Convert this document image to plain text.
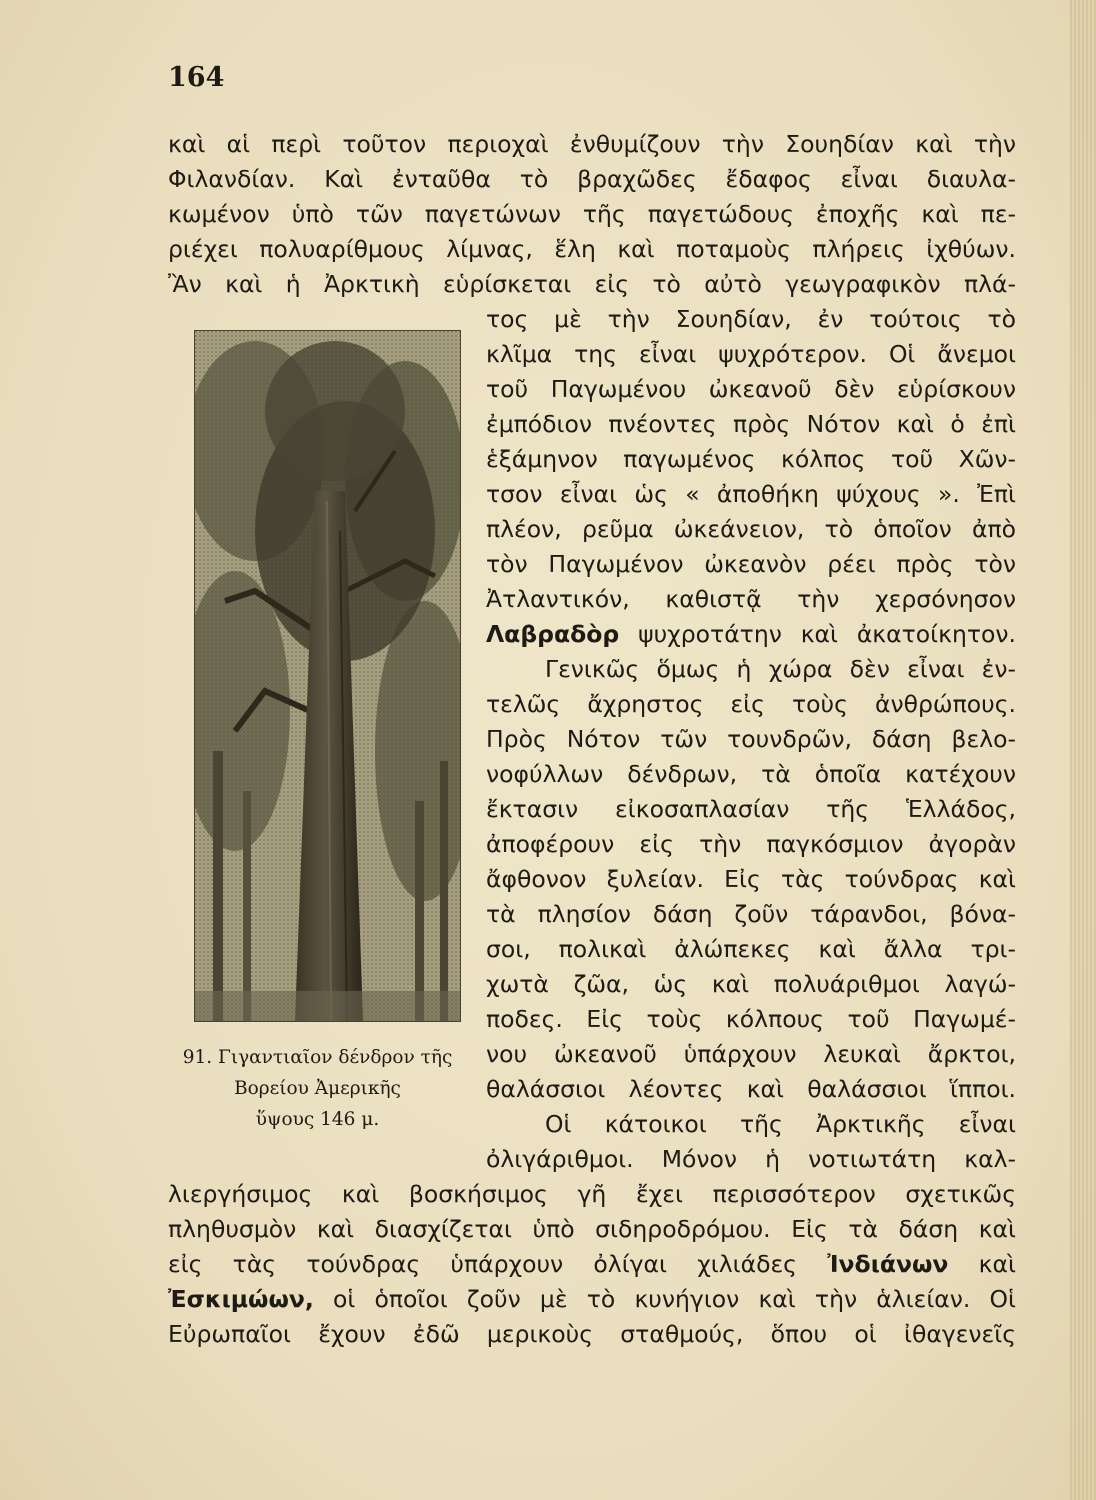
164
καὶ αἱ περὶ τοῦτον περιοχαὶ ἐνθυμίζουν τὴν Σουηδίαν καὶ τὴν
Φιλανδίαν. Καὶ ἐνταῦθα τὸ βραχῶδες ἔδαφος εἶναι διαυλα-
κωμένον ὑπὸ τῶν παγετώνων τῆς παγετώδους ἐποχῆς καὶ πε-
ριέχει πολυαρίθμους λίμνας, ἕλη καὶ ποταμοὺς πλήρεις ἰχθύων.
Ἂν καὶ ἡ Ἀρκτικὴ εὑρίσκεται εἰς τὸ αὐτὸ γεωγραφικὸν πλά-
τος μὲ τὴν Σουηδίαν, ἐν τούτοις τὸ
κλῖμα της εἶναι ψυχρότερον. Οἱ ἄνεμοι
τοῦ Παγωμένου ὠκεανοῦ δὲν εὑρίσκουν
ἐμπόδιον πνέοντες πρὸς Νότον καὶ ὁ ἐπὶ
ἑξάμηνον παγωμένος κόλπος τοῦ Χῶν-
τσον εἶναι ὡς « ἀποθήκη ψύχους ». Ἐπὶ
πλέον, ρεῦμα ὠκεάνειον, τὸ ὁποῖον ἀπὸ
τὸν Παγωμένον ὠκεανὸν ρέει πρὸς τὸν
Ἀτλαντικόν, καθιστᾷ τὴν χερσόνησον
Λαβραδὸρ ψυχροτάτην καὶ ἀκατοίκητον.
Γενικῶς ὅμως ἡ χώρα δὲν εἶναι ἐν-
τελῶς ἄχρηστος εἰς τοὺς ἀνθρώπους.
Πρὸς Νότον τῶν τουνδρῶν, δάση βελο-
νοφύλλων δένδρων, τὰ ὁποῖα κατέχουν
ἔκτασιν εἰκοσαπλασίαν τῆς Ἑλλάδος,
ἀποφέρουν εἰς τὴν παγκόσμιον ἀγορὰν
ἄφθονον ξυλείαν. Εἰς τὰς τούνδρας καὶ
τὰ πλησίον δάση ζοῦν τάρανδοι, βόνα-
σοι, πολικαὶ ἀλώπεκες καὶ ἄλλα τρι-
χωτὰ ζῶα, ὡς καὶ πολυάριθμοι λαγώ-
ποδες. Εἰς τοὺς κόλπους τοῦ Παγωμέ-
νου ὠκεανοῦ ὑπάρχουν λευκαὶ ἄρκτοι,
θαλάσσιοι λέοντες καὶ θαλάσσιοι ἵπποι.
Οἱ κάτοικοι τῆς Ἀρκτικῆς εἶναι
ὀλιγάριθμοι. Μόνον ἡ νοτιωτάτη καλ-
91. Γιγαντιαῖον δένδρον τῆς
Βορείου Ἀμερικῆς
ὕψους 146 μ.
λιεργήσιμος καὶ βοσκήσιμος γῆ ἔχει περισσότερον σχετικῶς
πληθυσμὸν καὶ διασχίζεται ὑπὸ σιδηροδρόμου. Εἰς τὰ δάση καὶ
εἰς τὰς τούνδρας ὑπάρχουν ὀλίγαι χιλιάδες Ἰνδιάνων καὶ
Ἐσκιμώων, οἱ ὁποῖοι ζοῦν μὲ τὸ κυνήγιον καὶ τὴν ἁλιείαν. Οἱ
Εὐρωπαῖοι ἔχουν ἐδῶ μερικοὺς σταθμούς, ὅπου οἱ ἰθαγενεῖς
